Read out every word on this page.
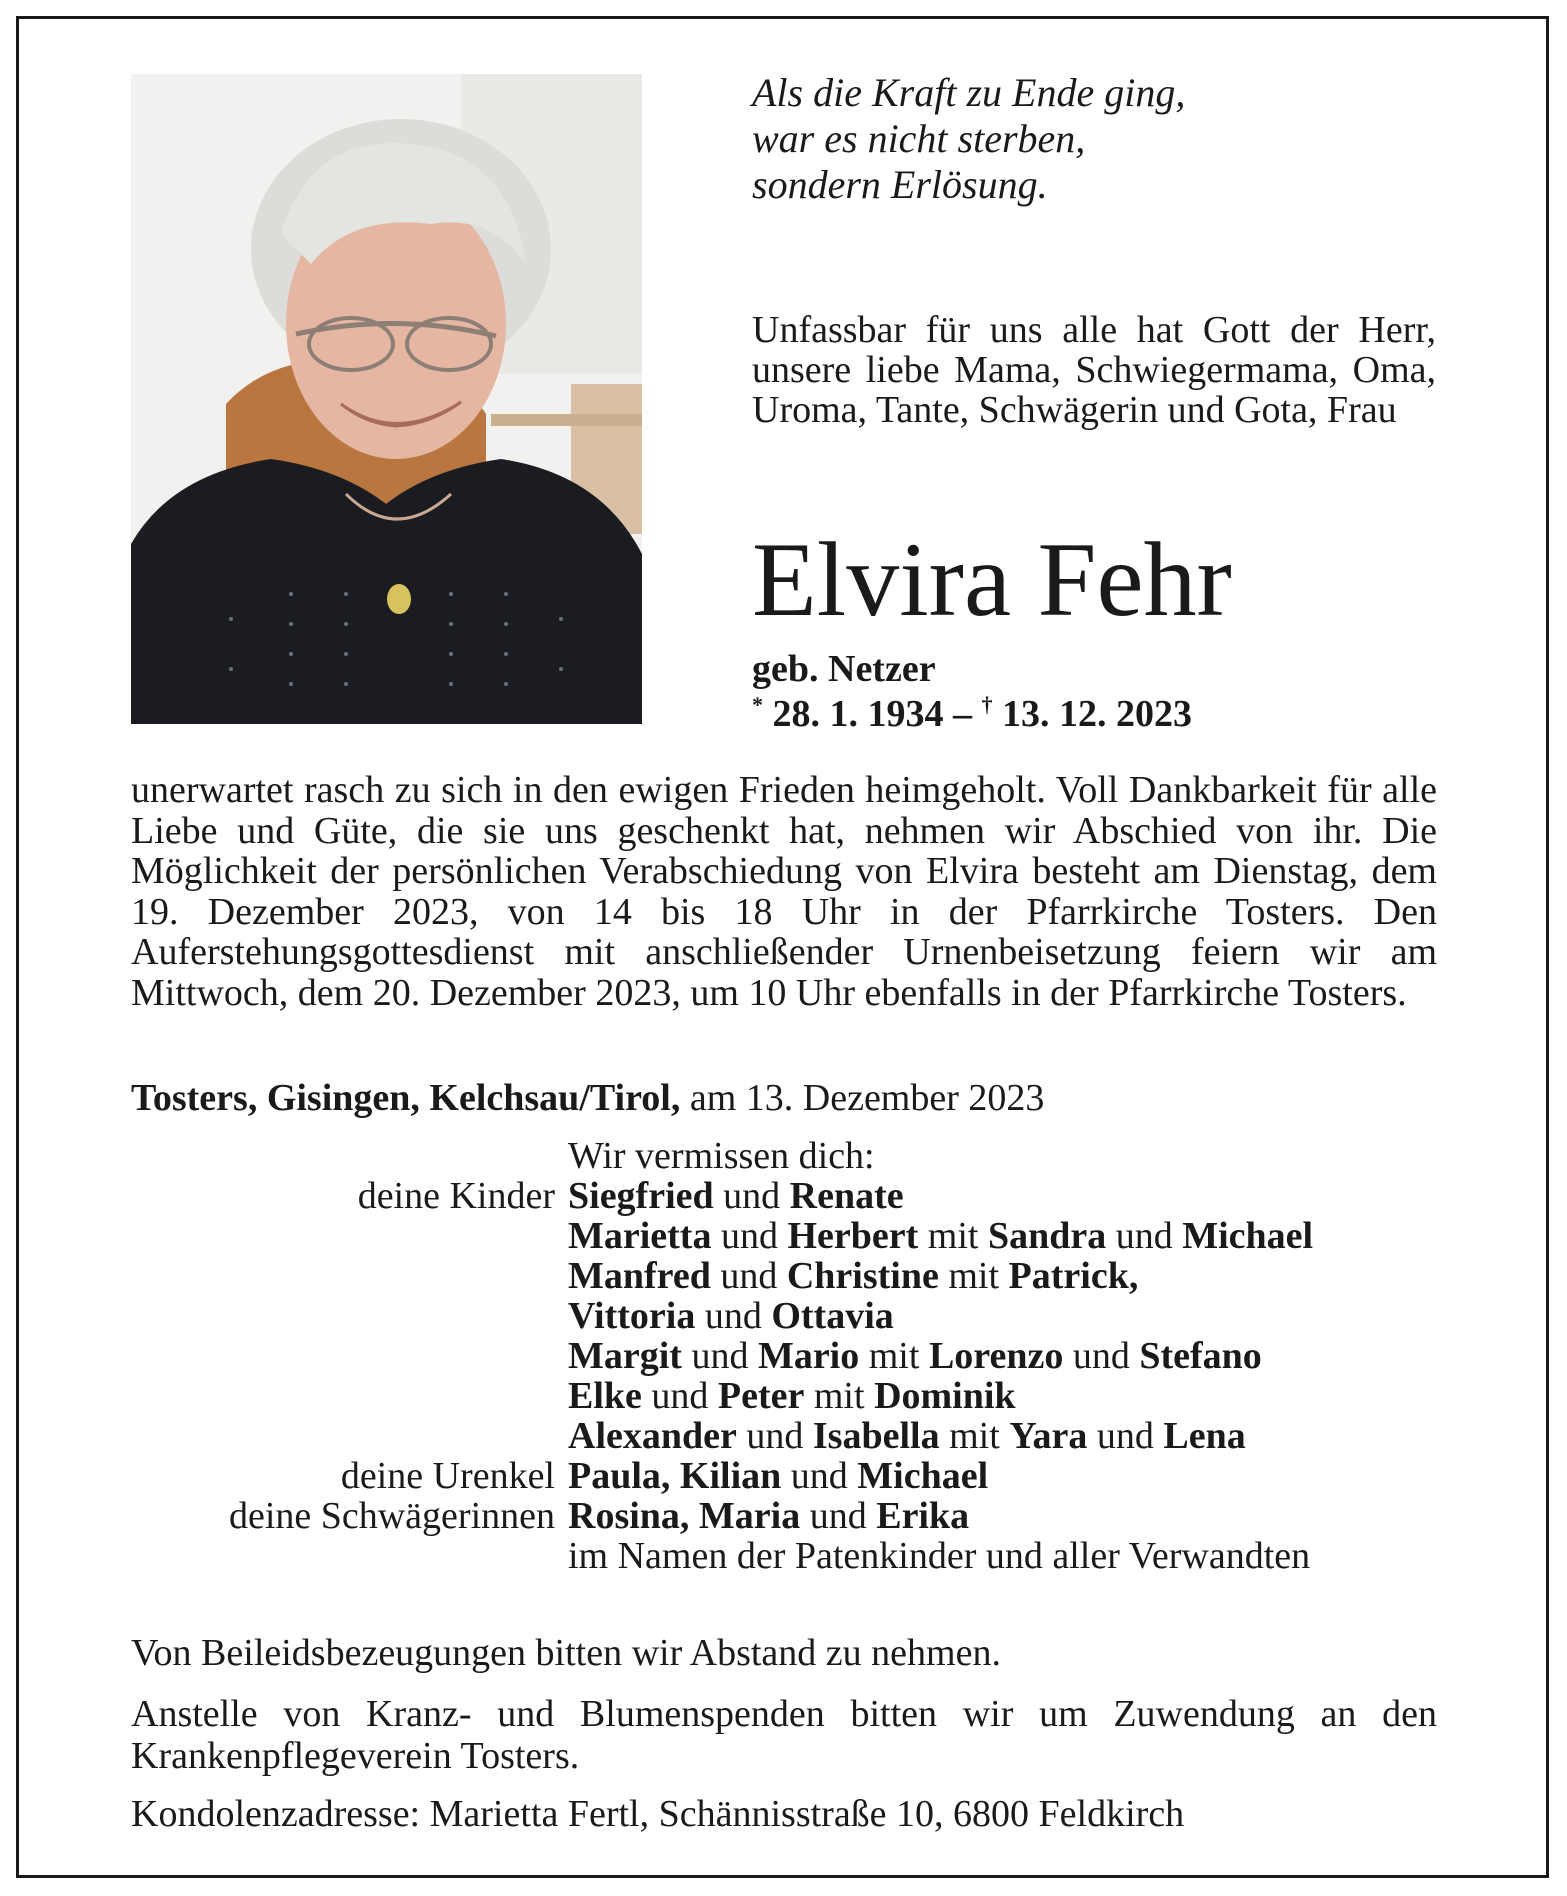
Als die Kraft zu Ende ging,
war es nicht sterben,
sondern Erlösung.
Unfassbar für uns alle hat Gott der Herr, unsere liebe Mama, Schwiegermama, Oma, Uroma, Tante, Schwägerin und Gota, Frau
Elvira Fehr
geb. Netzer
* 28. 1. 1934 – † 13. 12. 2023
unerwartet rasch zu sich in den ewigen Frieden heimgeholt. Voll Dankbarkeit für alle Liebe und Güte, die sie uns geschenkt hat, nehmen wir Abschied von ihr. Die Möglichkeit der persönlichen Verabschiedung von Elvira besteht am Dienstag, dem 19. Dezember 2023, von 14 bis 18 Uhr in der Pfarrkirche Tosters. Den Auferstehungsgottesdienst mit anschließender Urnenbeisetzung feiern wir am Mittwoch, dem 20. Dezember 2023, um 10 Uhr ebenfalls in der Pfarrkirche Tosters.
Tosters, Gisingen, Kelchsau/Tirol, am 13. Dezember 2023
Wir vermissen dich:
deine Kinder Siegfried und Renate
Marietta und Herbert mit Sandra und Michael
Manfred und Christine mit Patrick,
Vittoria und Ottavia
Margit und Mario mit Lorenzo und Stefano
Elke und Peter mit Dominik
Alexander und Isabella mit Yara und Lena
deine Urenkel Paula, Kilian und Michael
deine Schwägerinnen Rosina, Maria und Erika
im Namen der Patenkinder und aller Verwandten
Von Beileidsbezeugungen bitten wir Abstand zu nehmen.
Anstelle von Kranz- und Blumenspenden bitten wir um Zuwendung an den Krankenpflegeverein Tosters.
Kondolenzadresse: Marietta Fertl, Schännisstraße 10, 6800 Feldkirch
